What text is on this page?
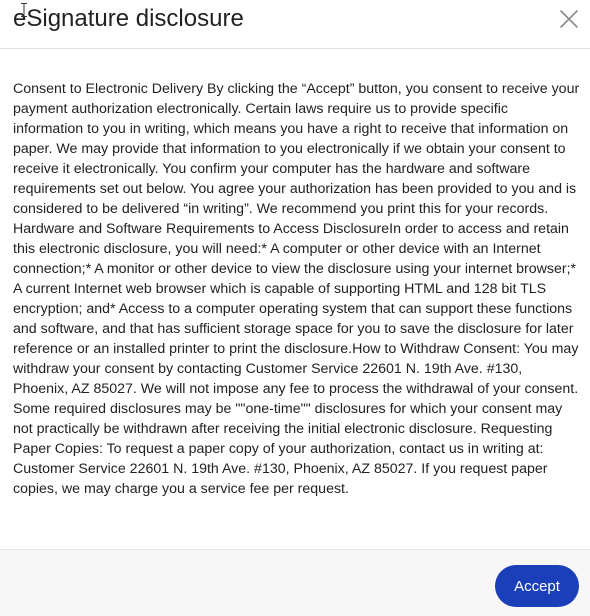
eSignature disclosure

Consent to Electronic Delivery By clicking the “Accept” button, you consent to receive your payment authorization electronically. Certain laws require us to provide specific information to you in writing, which means you have a right to receive that information on paper. We may provide that information to you electronically if we obtain your consent to receive it electronically. You confirm your computer has the hardware and software requirements set out below. You agree your authorization has been provided to you and is considered to be delivered “in writing”. We recommend you print this for your records. Hardware and Software Requirements to Access DisclosureIn order to access and retain this electronic disclosure, you will need:* A computer or other device with an Internet connection;* A monitor or other device to view the disclosure using your internet browser;* A current Internet web browser which is capable of supporting HTML and 128 bit TLS encryption; and* Access to a computer operating system that can support these functions and software, and that has sufficient storage space for you to save the disclosure for later reference or an installed printer to print the disclosure.How to Withdraw Consent: You may withdraw your consent by contacting Customer Service 22601 N. 19th Ave. #130, Phoenix, AZ 85027. We will not impose any fee to process the withdrawal of your consent. Some required disclosures may be ""one-time"" disclosures for which your consent may not practically be withdrawn after receiving the initial electronic disclosure. Requesting Paper Copies: To request a paper copy of your authorization, contact us in writing at: Customer Service 22601 N. 19th Ave. #130, Phoenix, AZ 85027. If you request paper copies, we may charge you a service fee per request.

Accept
